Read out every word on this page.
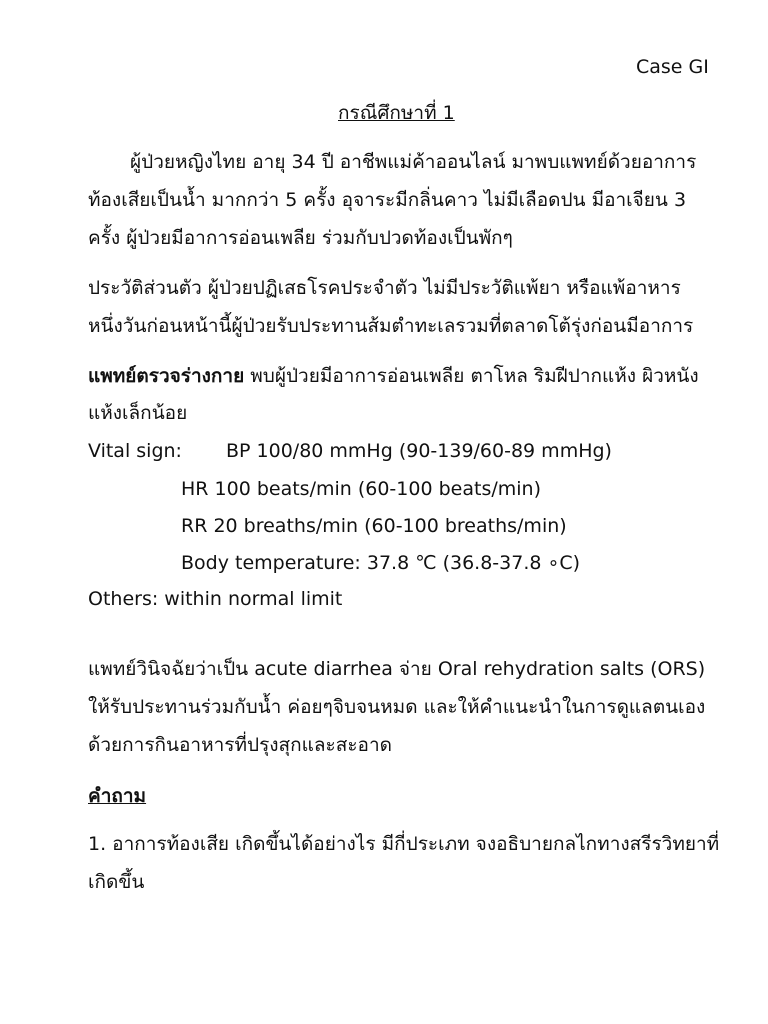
Case GI
กรณีศึกษาที่ 1
ผู้ป่วยหญิงไทย อายุ 34 ปี อาชีพแม่ค้าออนไลน์ มาพบแพทย์ด้วยอาการ
ท้องเสียเป็นน้ำ มากกว่า 5 ครั้ง อุจาระมีกลิ่นคาว ไม่มีเลือดปน มีอาเจียน 3
ครั้ง ผู้ป่วยมีอาการอ่อนเพลีย ร่วมกับปวดท้องเป็นพักๆ
ประวัติส่วนตัว ผู้ป่วยปฏิเสธโรคประจำตัว ไม่มีประวัติแพ้ยา หรือแพ้อาหาร
หนึ่งวันก่อนหน้านี้ผู้ป่วยรับประทานส้มตำทะเลรวมที่ตลาดโต้รุ่งก่อนมีอาการ
แพทย์ตรวจร่างกาย พบผู้ป่วยมีอาการอ่อนเพลีย ตาโหล ริมฝีปากแห้ง ผิวหนัง
แห้งเล็กน้อย
Vital sign: BP 100/80 mmHg (90-139/60-89 mmHg)
HR 100 beats/min (60-100 beats/min)
RR 20 breaths/min (60-100 breaths/min)
Body temperature: 37.8 ℃ (36.8-37.8 ∘C)
Others: within normal limit
แพทย์วินิจฉัยว่าเป็น acute diarrhea จ่าย Oral rehydration salts (ORS)
ให้รับประทานร่วมกับน้ำ ค่อยๆจิบจนหมด และให้คำแนะนำในการดูแลตนเอง
ด้วยการกินอาหารที่ปรุงสุกและสะอาด
คำถาม
1. อาการท้องเสีย เกิดขึ้นได้อย่างไร มีกี่ประเภท จงอธิบายกลไกทางสรีรวิทยาที่
เกิดขึ้น
